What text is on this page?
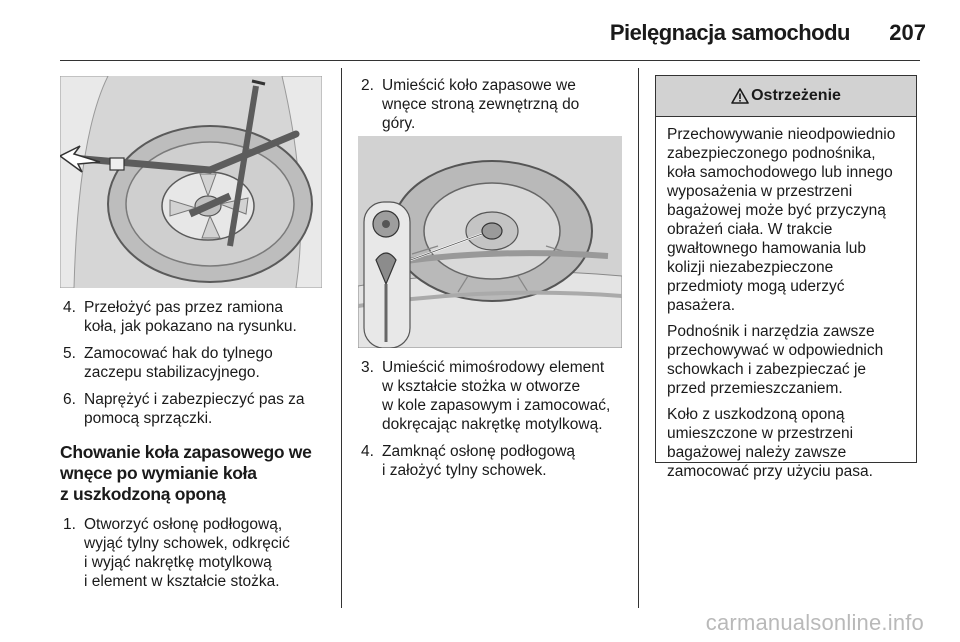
Pielęgnacja samochodu	207
4. Przełożyć pas przez ramiona
koła, jak pokazano na rysunku.
5. Zamocować hak do tylnego
zaczepu stabilizacyjnego.
6. Naprężyć i zabezpieczyć pas za
pomocą sprzączki.
Chowanie koła zapasowego we
wnęce po wymianie koła
z uszkodzoną oponą
1. Otworzyć osłonę podłogową,
wyjąć tylny schowek, odkręcić
i wyjąć nakrętkę motylkową
i element w kształcie stożka.
2. Umieścić koło zapasowe we
wnęce stroną zewnętrzną do
góry.
3. Umieścić mimośrodowy element
w kształcie stożka w otworze
w kole zapasowym i zamocować,
dokręcając nakrętkę motylkową.
4. Zamknąć osłonę podłogową
i założyć tylny schowek.
Ostrzeżenie

Przechowywanie nieodpowiednio
zabezpieczonego podnośnika,
koła samochodowego lub innego
wyposażenia w przestrzeni
bagażowej może być przyczyną
obrażeń ciała. W trakcie
gwałtownego hamowania lub
kolizji niezabezpieczone
przedmioty mogą uderzyć
pasażera.

Podnośnik i narzędzia zawsze
przechowywać w odpowiednich
schowkach i zabezpieczać je
przed przemieszczaniem.

Koło z uszkodzoną oponą
umieszczone w przestrzeni
bagażowej należy zawsze
zamocować przy użyciu pasa.

carmanualsonline.info
